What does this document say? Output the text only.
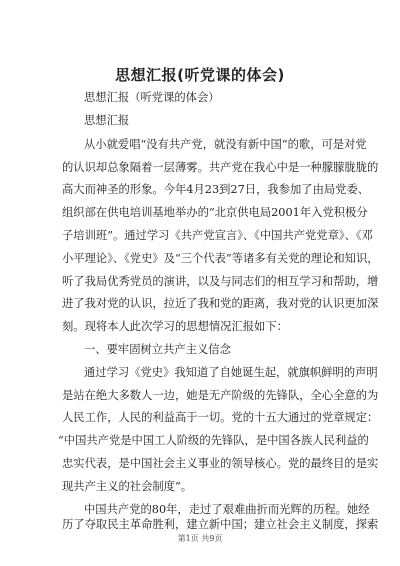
思想汇报(听党课的体会)
思想汇报（听党课的体会）
思想汇报
从小就爱唱“没有共产党，就没有新中国”的歌，可是对党
的认识却总象隔着一层薄雾。共产党在我心中是一种朦朦胧胧的
高大而神圣的形象。今年4月23到27日，我参加了由局党委、
组织部在供电培训基地举办的“北京供电局2001年入党积极分
子培训班”。通过学习《共产党宣言》、《中国共产党党章》、《邓
小平理论》、《党史》及“三个代表”等诸多有关党的理论和知识，
听了我局优秀党员的演讲，以及与同志们的相互学习和帮助，增
进了我对党的认识，拉近了我和党的距离，我对党的认识更加深
刻。现将本人此次学习的思想情况汇报如下：
一、要牢固树立共产主义信念
通过学习《党史》我知道了自她诞生起，就旗帜鲜明的声明
是站在绝大多数人一边，她是无产阶级的先锋队，全心全意的为
人民工作，人民的利益高于一切。党的十五大通过的党章规定：
“中国共产党是中国工人阶级的先锋队，是中国各族人民利益的
忠实代表，是中国社会主义事业的领导核心。党的最终目的是实
现共产主义的社会制度”。
中国共产党的80年，走过了艰难曲折而光辉的历程。她经
历了夺取民主革命胜利，建立新中国；建立社会主义制度，探索
第1页 共9页
